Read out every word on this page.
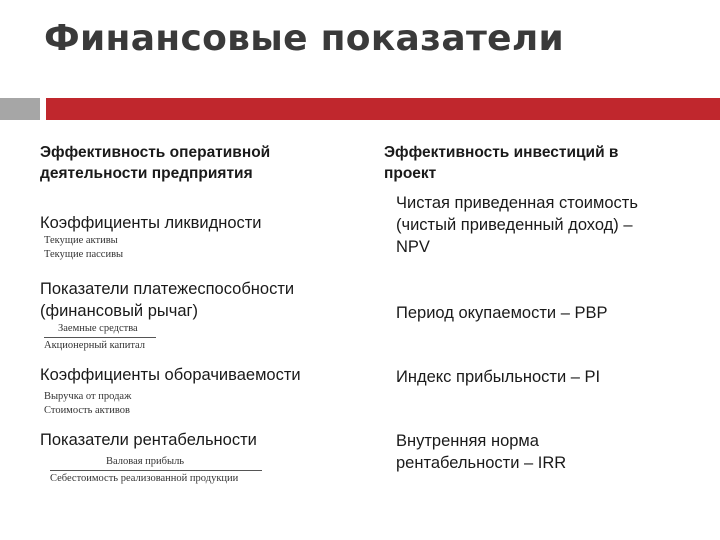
Финансовые показатели
Эффективность оперативной
деятельности предприятия
Эффективность инвестиций в
проект
Коэффициенты ликвидности
Текущие активы
Текущие пассивы
Показатели платежеспособности
(финансовый рычаг)
Заемные средства
Акционерный капитал
Коэффициенты оборачиваемости
Выручка от продаж
Стоимость активов
Показатели рентабельности
Валовая прибыль
Себестоимость реализованной продукции
Чистая приведенная стоимость
(чистый приведенный доход) –
NPV
Период окупаемости – PBP
Индекс прибыльности – PI
Внутренняя норма
рентабельности – IRR
